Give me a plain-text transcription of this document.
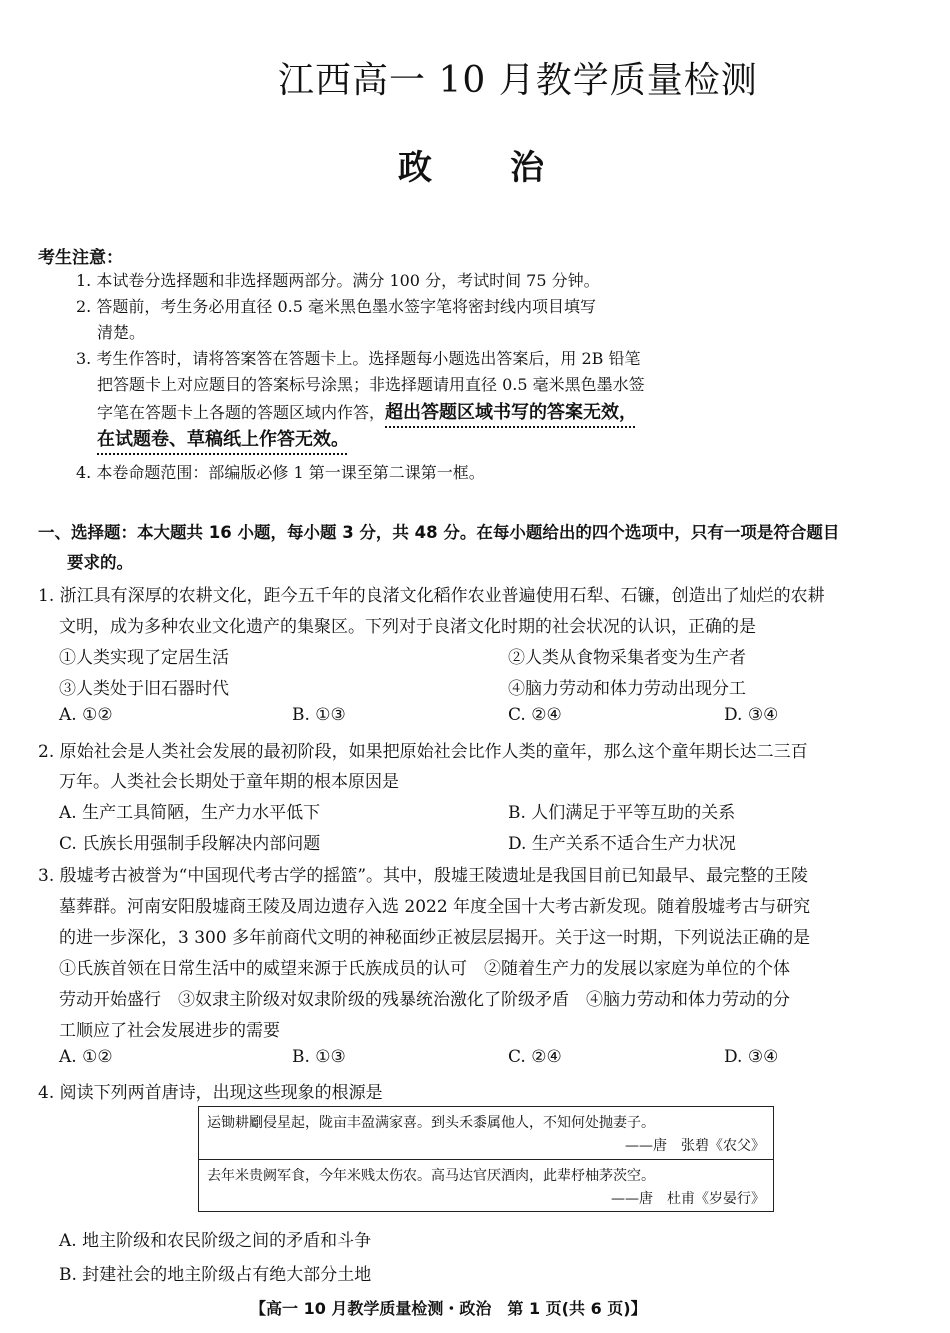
江西高一 10 月教学质量检测
政 治
考生注意：
1. 本试卷分选择题和非选择题两部分。满分 100 分，考试时间 75 分钟。
2. 答题前，考生务必用直径 0.5 毫米黑色墨水签字笔将密封线内项目填写
清楚。
3. 考生作答时，请将答案答在答题卡上。选择题每小题选出答案后，用 2B 铅笔
把答题卡上对应题目的答案标号涂黑；非选择题请用直径 0.5 毫米黑色墨水签
字笔在答题卡上各题的答题区域内作答，超出答题区域书写的答案无效，
在试题卷、草稿纸上作答无效。
4. 本卷命题范围：部编版必修 1 第一课至第二课第一框。
一、选择题：本大题共 16 小题，每小题 3 分，共 48 分。在每小题给出的四个选项中，只有一项是符合题目
要求的。
1. 浙江具有深厚的农耕文化，距今五千年的良渚文化稻作农业普遍使用石犁、石镰，创造出了灿烂的农耕
文明，成为多种农业文化遗产的集聚区。下列对于良渚文化时期的社会状况的认识，正确的是
①人类实现了定居生活	②人类从食物采集者变为生产者
③人类处于旧石器时代	④脑力劳动和体力劳动出现分工
A. ①②	B. ①③	C. ②④	D. ③④
2. 原始社会是人类社会发展的最初阶段，如果把原始社会比作人类的童年，那么这个童年期长达二三百
万年。人类社会长期处于童年期的根本原因是
A. 生产工具简陋，生产力水平低下	B. 人们满足于平等互助的关系
C. 氏族长用强制手段解决内部问题	D. 生产关系不适合生产力状况
3. 殷墟考古被誉为“中国现代考古学的摇篮”。其中，殷墟王陵遗址是我国目前已知最早、最完整的王陵
墓葬群。河南安阳殷墟商王陵及周边遗存入选 2022 年度全国十大考古新发现。随着殷墟考古与研究
的进一步深化，3 300 多年前商代文明的神秘面纱正被层层揭开。关于这一时期，下列说法正确的是
①氏族首领在日常生活中的威望来源于氏族成员的认可　②随着生产力的发展以家庭为单位的个体
劳动开始盛行　③奴隶主阶级对奴隶阶级的残暴统治激化了阶级矛盾　④脑力劳动和体力劳动的分
工顺应了社会发展进步的需要
A. ①②	B. ①③	C. ②④	D. ③④
4. 阅读下列两首唐诗，出现这些现象的根源是
运锄耕劚侵星起，陇亩丰盈满家喜。到头禾黍属他人，不知何处抛妻子。
——唐　张碧《农父》
去年米贵阙军食，今年米贱太伤农。高马达官厌酒肉，此辈杼柚茅茨空。
——唐　杜甫《岁晏行》
A. 地主阶级和农民阶级之间的矛盾和斗争
B. 封建社会的地主阶级占有绝大部分土地
【高一 10 月教学质量检测・政治　第 1 页(共 6 页)】
